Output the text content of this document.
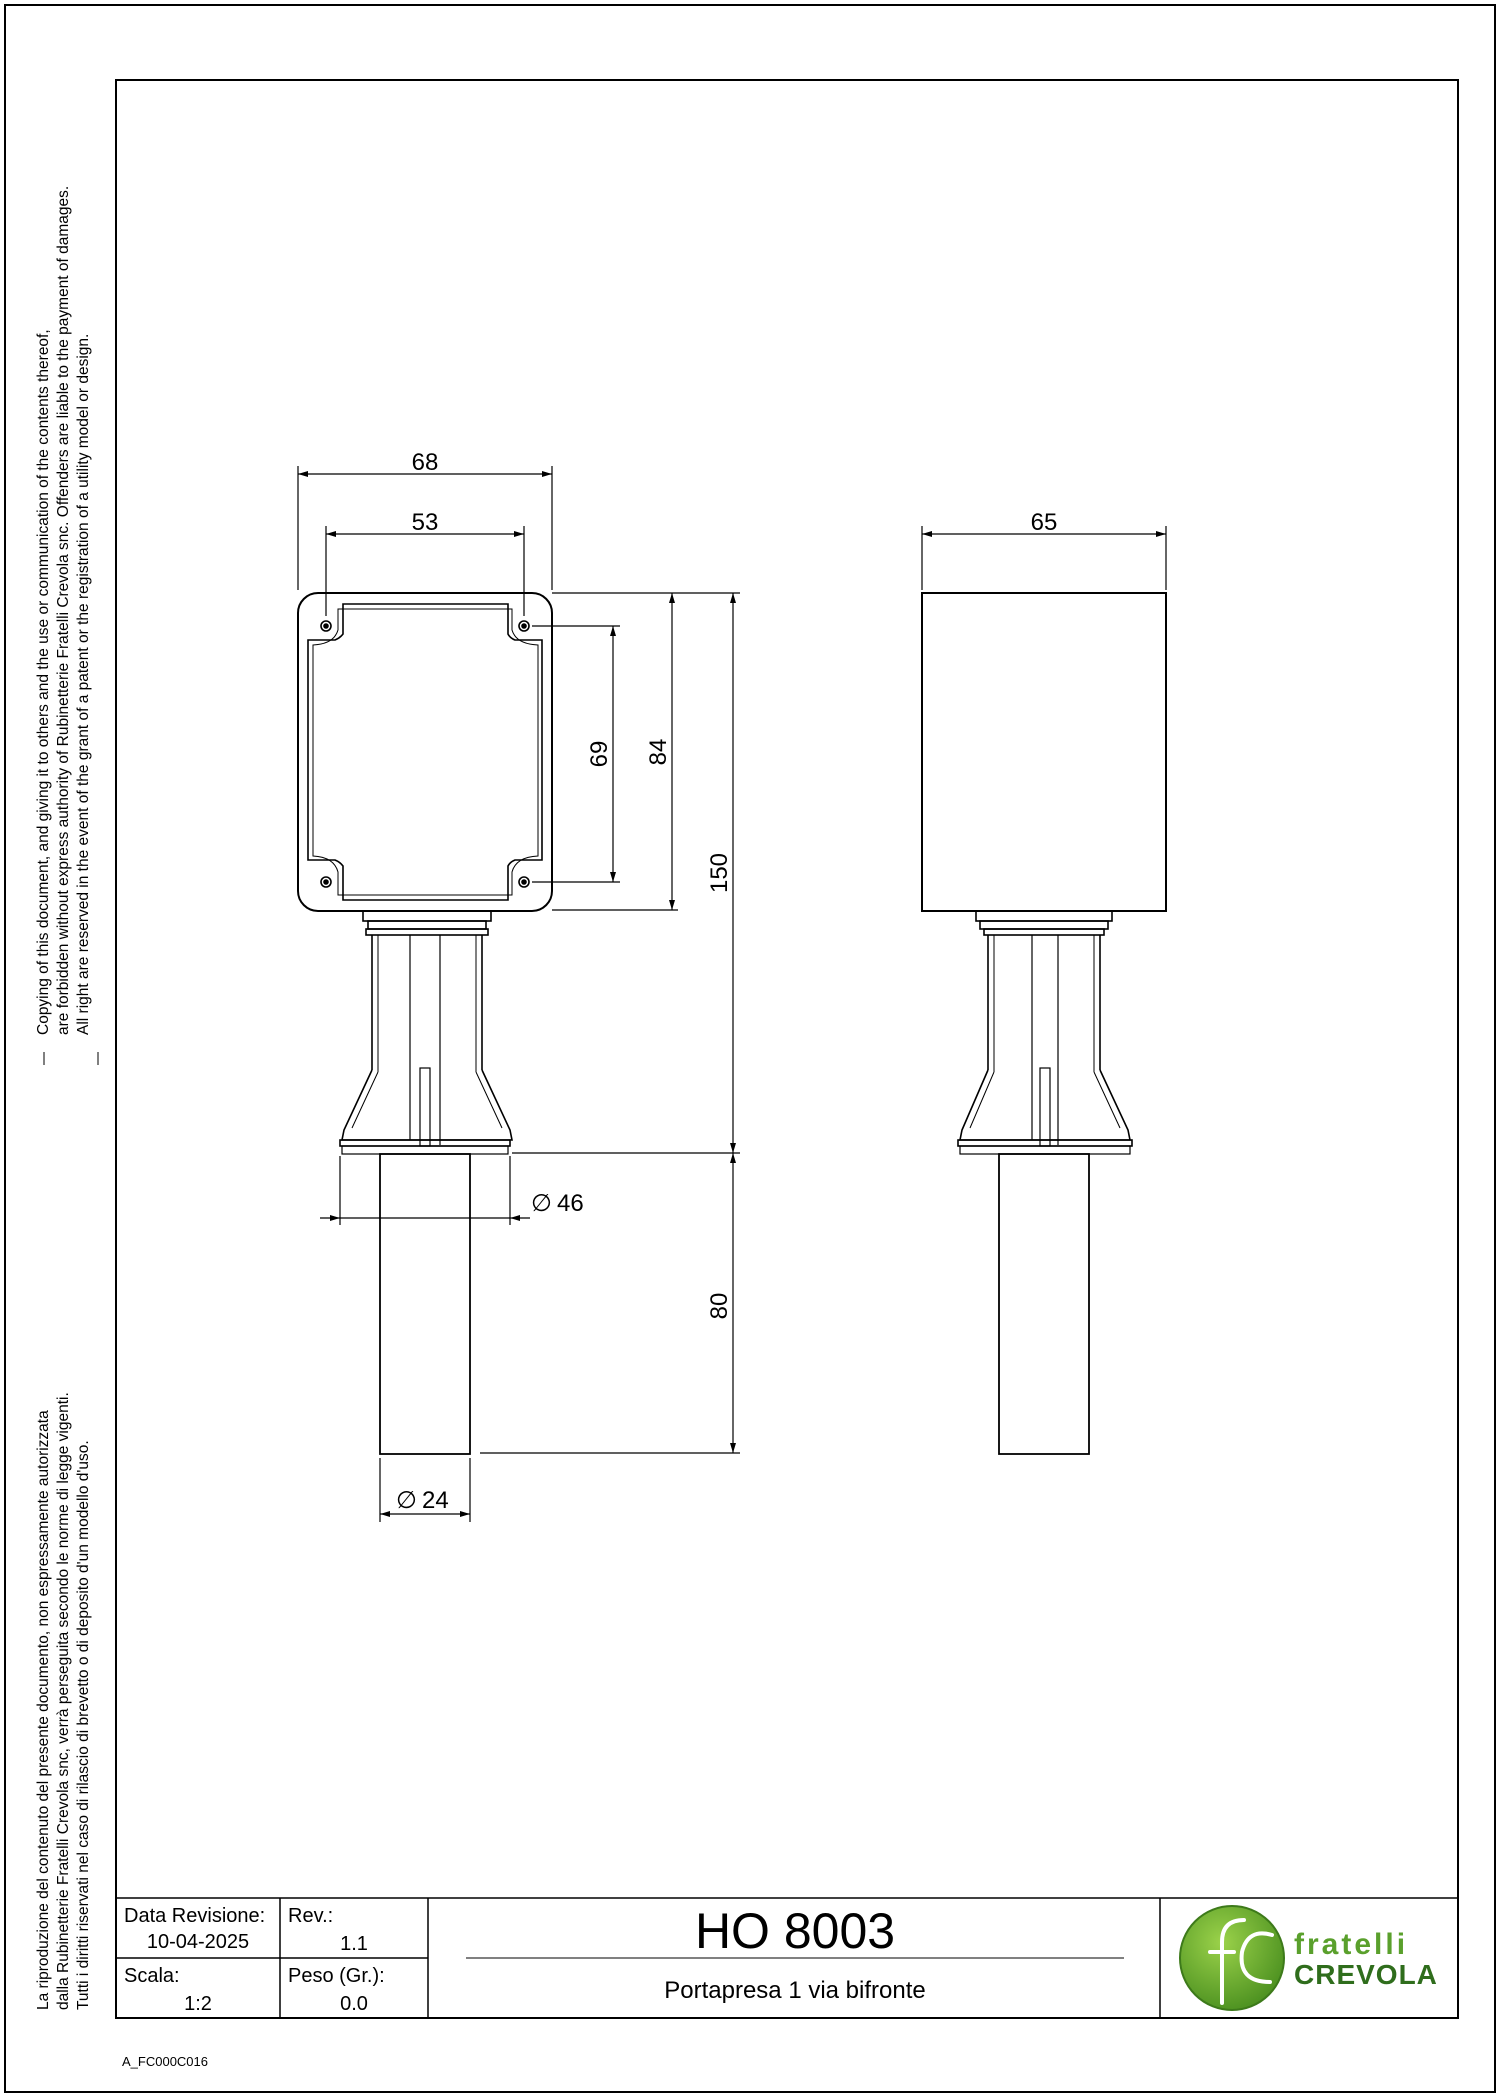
Copying of this document, and giving it to others and the use or communication of the contents thereof, are forbidden without express authority of Rubinetterie Fratelli Crevola snc. Offenders are liable to the payment of damages. All right are reserved in the event of the grant of a patent or the registration of a utility model or design.
La riproduzione del contenuto del presente documento, non espressamente autorizzata dalla Rubinetterie Fratelli Crevola snc, verrà perseguita secondo le norme di legge vigenti. Tutti i diritti riservati nel caso di rilascio di brevetto o di deposito d'un modello d'uso.
68
53
69 84
150
80
∅ 46
∅ 24
65
Data Revisione:
10-04-2025
Rev.:
1.1
Scala:
1:2
Peso (Gr.):
0.0
HO 8003
Portapresa 1 via bifronte
fratelli
CREVOLA
A_FC000C016
